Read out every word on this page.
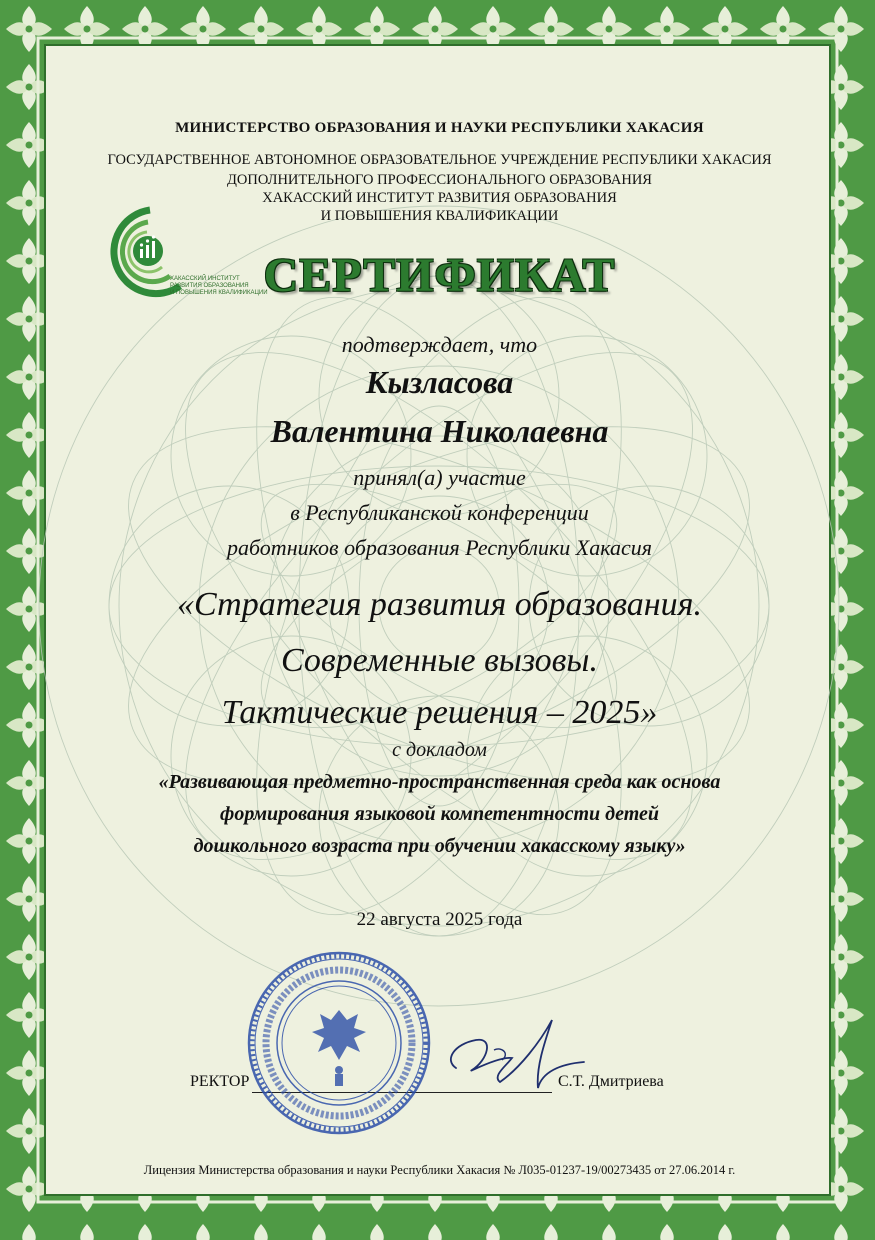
МИНИСТЕРСТВО ОБРАЗОВАНИЯ И НАУКИ РЕСПУБЛИКИ ХАКАСИЯ
ГОСУДАРСТВЕННОЕ АВТОНОМНОЕ ОБРАЗОВАТЕЛЬНОЕ УЧРЕЖДЕНИЕ РЕСПУБЛИКИ ХАКАСИЯ
ДОПОЛНИТЕЛЬНОГО ПРОФЕССИОНАЛЬНОГО ОБРАЗОВАНИЯ
ХАКАССКИЙ ИНСТИТУТ РАЗВИТИЯ ОБРАЗОВАНИЯ
И ПОВЫШЕНИЯ КВАЛИФИКАЦИИ
ХАКАССКИЙ ИНСТИТУТ
РАЗВИТИЯ ОБРАЗОВАНИЯ
И ПОВЫШЕНИЯ КВАЛИФИКАЦИИ
СЕРТИФИКАТ
подтверждает, что
Кызласова
Валентина Николаевна
принял(а) участие
в Республиканской конференции
работников образования Республики Хакасия
«Стратегия развития образования.
Современные вызовы.
Тактические решения – 2025»
с докладом
«Развивающая предметно-пространственная среда как основа
формирования языковой компетентности детей
дошкольного возраста при обучении хакасскому языку»
22 августа 2025 года
РЕКТОР	С.Т. Дмитриева
Лицензия Министерства образования и науки Республики Хакасия № Л035-01237-19/00273435 от 27.06.2014 г.
